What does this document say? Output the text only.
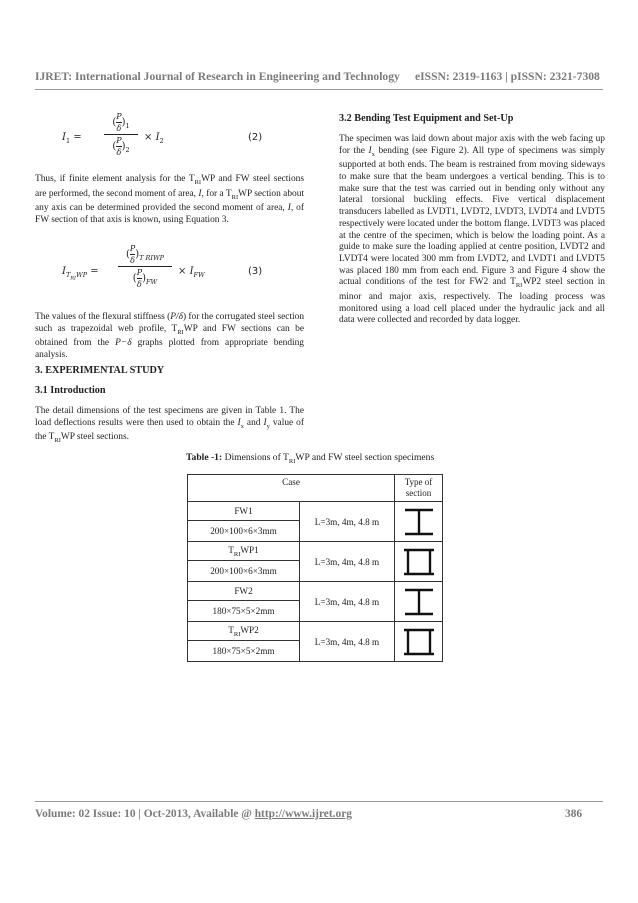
IJRET: International Journal of Research in Engineering and Technology eISSN: 2319-1163 | pISSN: 2321-7308
$I_1$ =
( $\frac{P}{\delta} )_1$
( $\frac{P}{\delta} )_2$
× $I_2$	(2)
Thus, if finite element analysis for the $T_{RI}WP$ and FW steel sections are performed, the second moment of area, I, for a $T_{RI}WP$ section about any axis can be determined provided the second moment of area, I, of FW section of that axis is known, using Equation 3.
$I_{T_{RI}WP}$ =
( $\frac{P}{\delta} )_{T RIWP}$
( $\frac{P}{\delta} )_{FW}$
× $I_{FW}$	(3)
The values of the flexural stiffness (P/δ) for the corrugated steel section such as trapezoidal web profile, $T_{RI}WP$ and FW sections can be obtained from the P−δ graphs plotted from appropriate bending analysis.
3. EXPERIMENTAL STUDY
3.1 Introduction
The detail dimensions of the test specimens are given in Table 1. The load deflections results were then used to obtain the $I_x$ and $I_y$ value of the $T_{RI}WP$ steel sections.
3.2 Bending Test Equipment and Set-Up
The specimen was laid down about major axis with the web facing up for the $I_x$ bending (see Figure 2). All type of specimens was simply supported at both ends. The beam is restrained from moving sideways to make sure that the beam undergoes a vertical bending. This is to make sure that the test was carried out in bending only without any lateral torsional buckling effects. Five vertical displacement transducers labelled as LVDT1, LVDT2, LVDT3, LVDT4 and LVDT5 respectively were located under the bottom flange. LVDT3 was placed at the centre of the specimen, which is below the loading point. As a guide to make sure the loading applied at centre position, LVDT2 and LVDT4 were located 300 mm from LVDT2, and LVDT1 and LVDT5 was placed 180 mm from each end. Figure 3 and Figure 4 show the actual conditions of the test for FW2 and $T_{RI}WP2$ steel section in minor and major axis, respectively. The loading process was monitored using a load cell placed under the hydraulic jack and all data were collected and recorded by data logger.
Table -1: Dimensions of $T_{RI}WP$ and FW steel section specimens
Case		Type of section
FW1	L=3m, 4m, 4.8 m	

200×100×6×3mm		
$T_{RI}WP1$	L=3m, 4m, 4.8 m	

200×100×6×3mm		
FW2	L=3m, 4m, 4.8 m	

180×75×5×2mm		
$T_{RI}WP2$	L=3m, 4m, 4.8 m	

180×75×5×2mm		
Volume: 02 Issue: 10 | Oct-2013, Available @ http://www.ijret.org	386
